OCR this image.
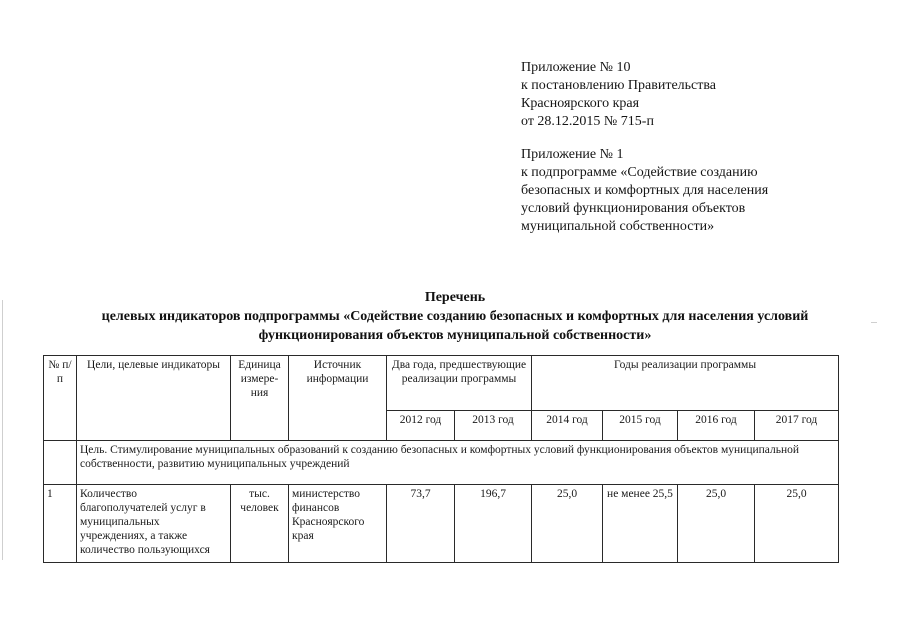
Приложение № 10
к постановлению Правительства
Красноярского края
от 28.12.2015 № 715-п
Приложение № 1
к подпрограмме «Содействие созданию
безопасных и комфортных для населения
условий функционирования объектов
муниципальной собственности»
Перечень
целевых индикаторов подпрограммы «Содействие созданию безопасных и комфортных для населения условий
функционирования объектов муниципальной собственности»
№ п/п	Цели, целевые индикаторы	Единица измере-ния	Источник информации	Два года, предшествующие реализации программы		Годы реализации программы			
				2012 год	2013 год	2014 год	2015 год	2016 год	2017 год
	Цель. Стимулирование муниципальных образований к созданию безопасных и комфортных условий функционирования объектов муниципальной собственности, развитию муниципальных учреждений								
1	Количество благополучателей услуг в муниципальных учреждениях, а также количество пользующихся	тыс. человек	министерство финансов Красноярского края	73,7	196,7	25,0	не менее 25,5	25,0	25,0
